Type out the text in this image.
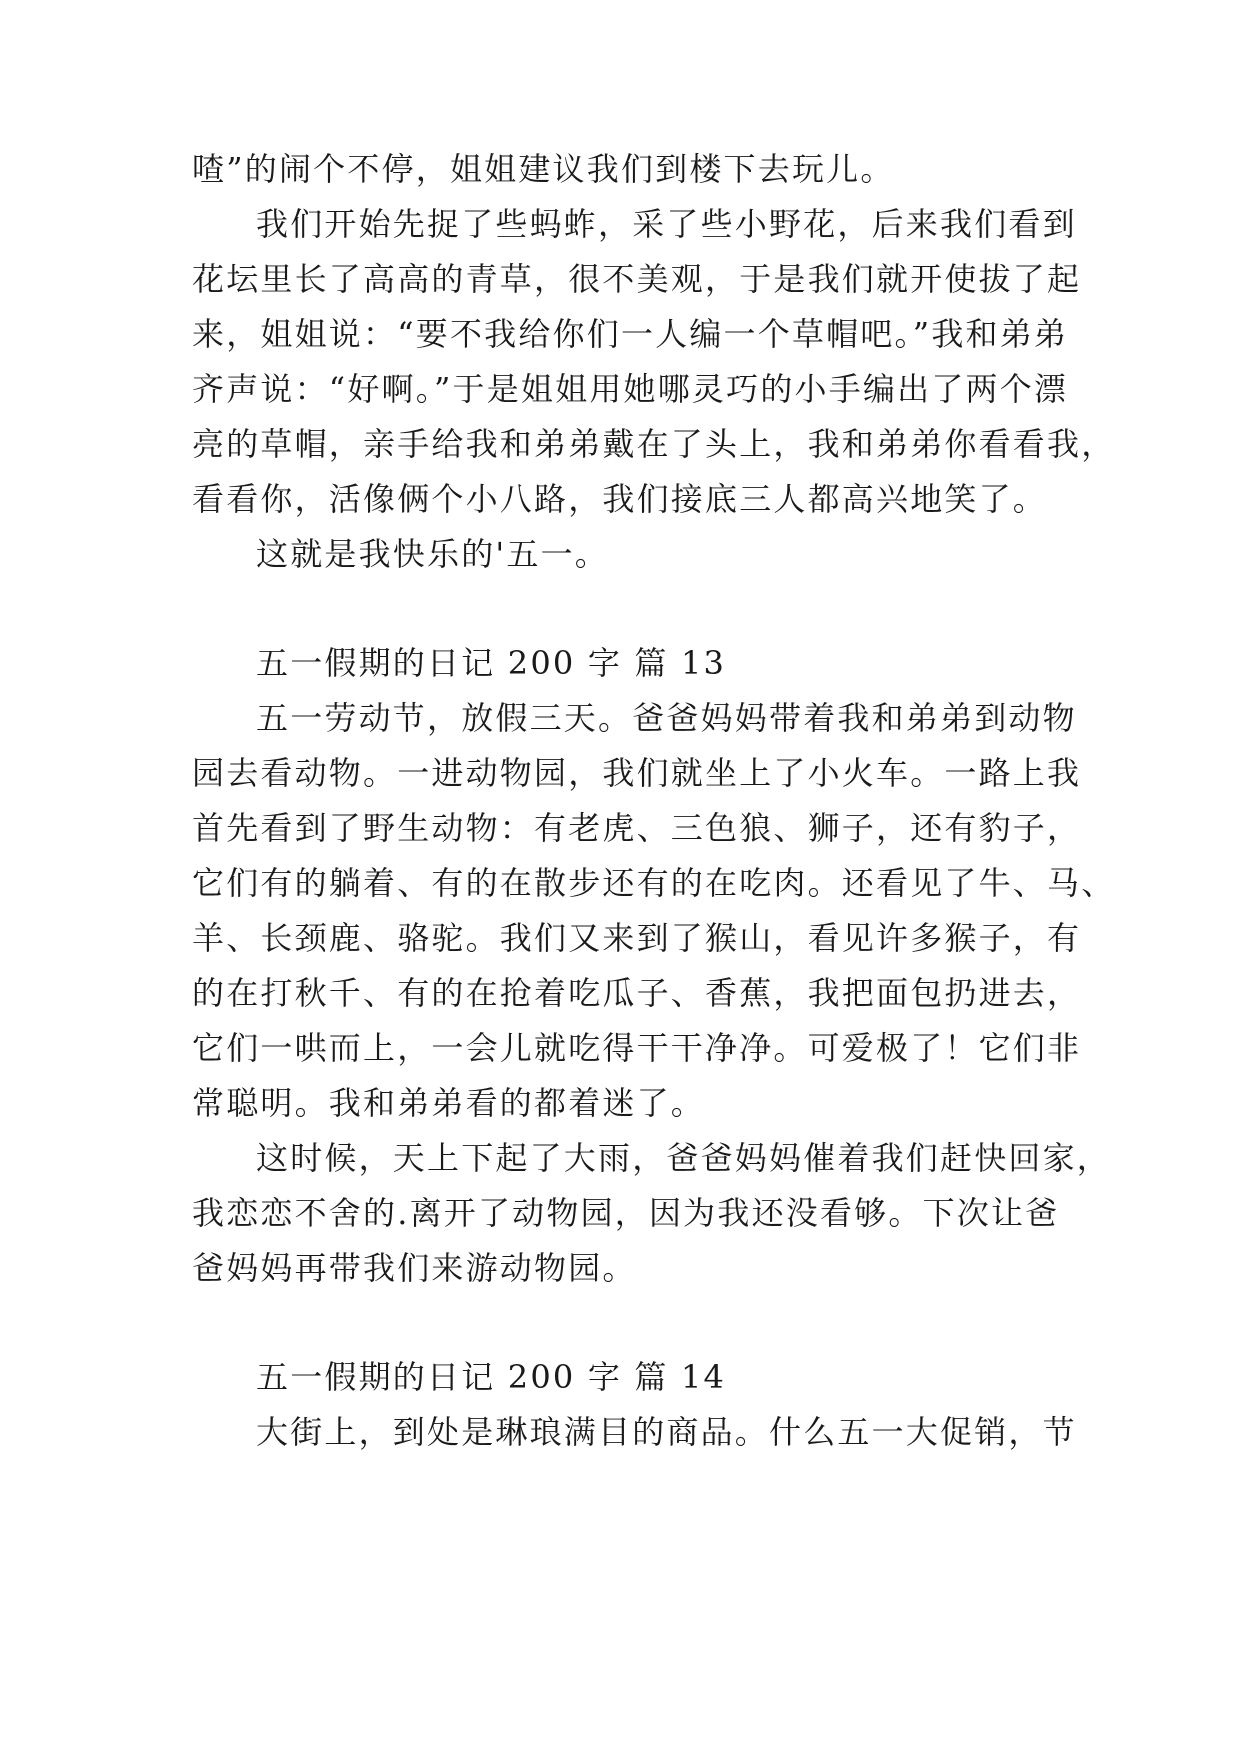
喳”的闹个不停，姐姐建议我们到楼下去玩儿。
我们开始先捉了些蚂蚱，采了些小野花，后来我们看到
花坛里长了高高的青草，很不美观，于是我们就开使拔了起
来，姐姐说：“要不我给你们一人编一个草帽吧。”我和弟弟
齐声说：“好啊。”于是姐姐用她哪灵巧的小手编出了两个漂
亮的草帽，亲手给我和弟弟戴在了头上，我和弟弟你看看我，
看看你，活像俩个小八路，我们接底三人都高兴地笑了。
这就是我快乐的'五一。
五一假期的日记 200 字 篇 13
五一劳动节，放假三天。爸爸妈妈带着我和弟弟到动物
园去看动物。一进动物园，我们就坐上了小火车。一路上我
首先看到了野生动物：有老虎、三色狼、狮子，还有豹子，
它们有的躺着、有的在散步还有的在吃肉。还看见了牛、马、
羊、长颈鹿、骆驼。我们又来到了猴山，看见许多猴子，有
的在打秋千、有的在抢着吃瓜子、香蕉，我把面包扔进去，
它们一哄而上，一会儿就吃得干干净净。可爱极了！它们非
常聪明。我和弟弟看的都着迷了。
这时候，天上下起了大雨，爸爸妈妈催着我们赶快回家，
我恋恋不舍的.离开了动物园，因为我还没看够。下次让爸
爸妈妈再带我们来游动物园。
五一假期的日记 200 字 篇 14
大街上，到处是琳琅满目的商品。什么五一大促销，节
